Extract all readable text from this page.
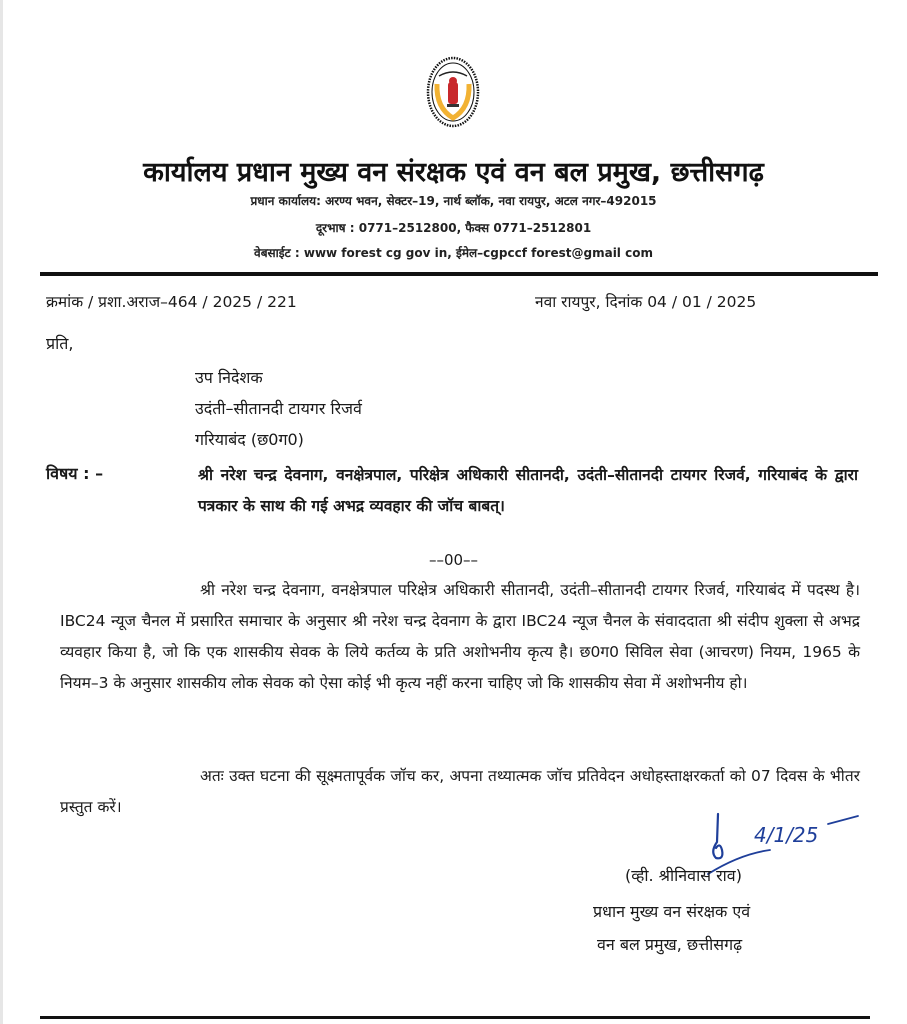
कार्यालय प्रधान मुख्य वन संरक्षक एवं वन बल प्रमुख, छत्तीसगढ़
प्रधान कार्यालय: अरण्य भवन, सेक्टर–19, नार्थ ब्लॉक, नवा रायपुर, अटल नगर–492015
दूरभाष : 0771–2512800, फैक्स 0771–2512801
वेबसाईट : www forest cg gov in, ईमेल–cgpccf forest@gmail com
क्रमांक / प्रशा.अराज–464 / 2025 / 221	नवा रायपुर, दिनांक 04 / 01 / 2025
प्रति,
उप निदेशक
उदंती–सीतानदी टायगर रिजर्व
गरियाबंद (छ0ग0)
विषय : –	श्री नरेश चन्द्र देवनाग, वनक्षेत्रपाल, परिक्षेत्र अधिकारी सीतानदी, उदंती–सीतानदी टायगर रिजर्व, गरियाबंद के द्वारा पत्रकार के साथ की गई अभद्र व्यवहार की जॉच बाबत्।
––00––
श्री नरेश चन्द्र देवनाग, वनक्षेत्रपाल परिक्षेत्र अधिकारी सीतानदी, उदंती–सीतानदी टायगर रिजर्व, गरियाबंद में पदस्थ है। IBC24 न्यूज चैनल में प्रसारित समाचार के अनुसार श्री नरेश चन्द्र देवनाग के द्वारा IBC24 न्यूज चैनल के संवाददाता श्री संदीप शुक्ला से अभद्र व्यवहार किया है, जो कि एक शासकीय सेवक के लिये कर्तव्य के प्रति अशोभनीय कृत्य है। छ0ग0 सिविल सेवा (आचरण) नियम, 1965 के नियम–3 के अनुसार शासकीय लोक सेवक को ऐसा कोई भी कृत्य नहीं करना चाहिए जो कि शासकीय सेवा में अशोभनीय हो।
अतः उक्त घटना की सूक्ष्मतापूर्वक जॉच कर, अपना तथ्यात्मक जॉच प्रतिवेदन अधोहस्ताक्षरकर्ता को 07 दिवस के भीतर प्रस्तुत करें।
4/1/25
(व्ही. श्रीनिवास राव)
प्रधान मुख्य वन संरक्षक एवं
वन बल प्रमुख, छत्तीसगढ़
